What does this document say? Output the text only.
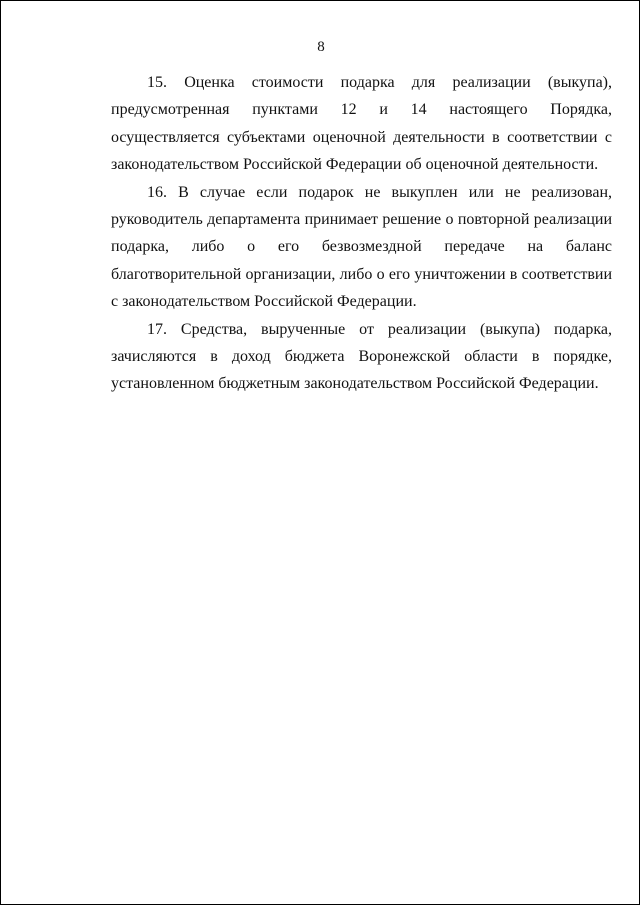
8

15. Оценка стоимости подарка для реализации (выкупа), предусмотренная пунктами 12 и 14 настоящего Порядка, осуществляется субъектами оценочной деятельности в соответствии с законодательством Российской Федерации об оценочной деятельности.

16. В случае если подарок не выкуплен или не реализован, руководитель департамента принимает решение о повторной реализации подарка, либо о его безвозмездной передаче на баланс благотворительной организации, либо о его уничтожении в соответствии с законодательством Российской Федерации.

17. Средства, вырученные от реализации (выкупа) подарка, зачисляются в доход бюджета Воронежской области в порядке, установленном бюджетным законодательством Российской Федерации.
